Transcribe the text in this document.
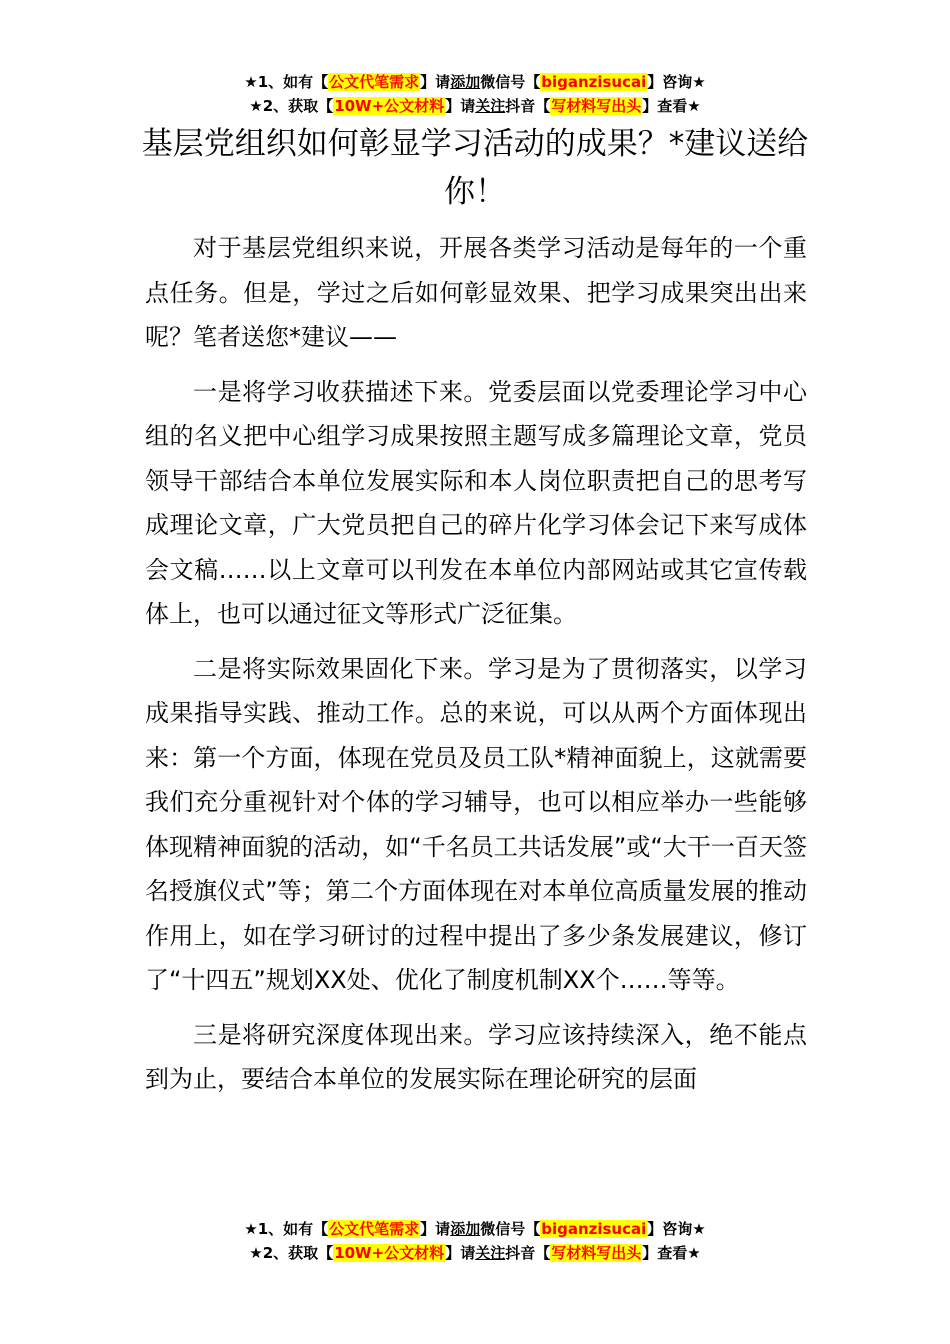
★1、如有【公文代笔需求】请添加微信号【biganzisucai】咨询★
★2、获取【10W+公文材料】请关注抖音【写材料写出头】查看★
基层党组织如何彰显学习活动的成果？*建议送给你！

对于基层党组织来说，开展各类学习活动是每年的一个重点任务。但是，学过之后如何彰显效果、把学习成果突出出来呢？笔者送您*建议——

一是将学习收获描述下来。党委层面以党委理论学习中心组的名义把中心组学习成果按照主题写成多篇理论文章，党员领导干部结合本单位发展实际和本人岗位职责把自己的思考写成理论文章，广大党员把自己的碎片化学习体会记下来写成体会文稿……以上文章可以刊发在本单位内部网站或其它宣传载体上，也可以通过征文等形式广泛征集。

二是将实际效果固化下来。学习是为了贯彻落实，以学习成果指导实践、推动工作。总的来说，可以从两个方面体现出来：第一个方面，体现在党员及员工队*精神面貌上，这就需要我们充分重视针对个体的学习辅导，也可以相应举办一些能够体现精神面貌的活动，如“千名员工共话发展”或“大干一百天签名授旗仪式”等；第二个方面体现在对本单位高质量发展的推动作用上，如在学习研讨的过程中提出了多少条发展建议，修订了“十四五”规划XX处、优化了制度机制XX个……等等。

三是将研究深度体现出来。学习应该持续深入，绝不能点到为止，要结合本单位的发展实际在理论研究的层面

★1、如有【公文代笔需求】请添加微信号【biganzisucai】咨询★
★2、获取【10W+公文材料】请关注抖音【写材料写出头】查看★
